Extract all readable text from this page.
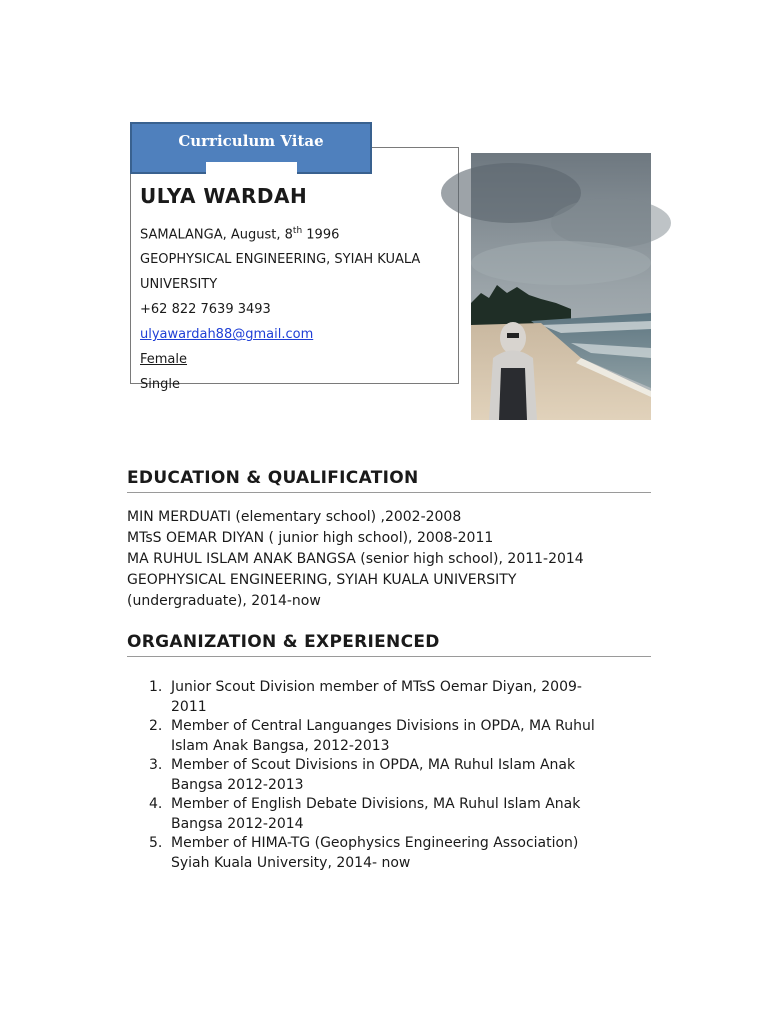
ULYA WARDAH
SAMALANGA, August, 8th 1996
GEOPHYSICAL ENGINEERING, SYIAH KUALA
UNIVERSITY
+62 822 7639 3493
ulyawardah88@gmail.com
Female
Single
Curriculum Vitae
EDUCATION & QUALIFICATION
MIN MERDUATI (elementary school) ,2002-2008
MTsS OEMAR DIYAN ( junior high school), 2008-2011
MA RUHUL ISLAM ANAK BANGSA (senior high school), 2011-2014
GEOPHYSICAL ENGINEERING, SYIAH KUALA UNIVERSITY
(undergraduate), 2014-now
ORGANIZATION & EXPERIENCED
1. Junior Scout Division member of MTsS Oemar Diyan, 2009-
2011
2. Member of Central Languanges Divisions in OPDA, MA Ruhul
Islam Anak Bangsa, 2012-2013
3. Member of Scout Divisions in OPDA, MA Ruhul Islam Anak
Bangsa 2012-2013
4. Member of English Debate Divisions, MA Ruhul Islam Anak
Bangsa 2012-2014
5. Member of HIMA-TG (Geophysics Engineering Association)
Syiah Kuala University, 2014- now
